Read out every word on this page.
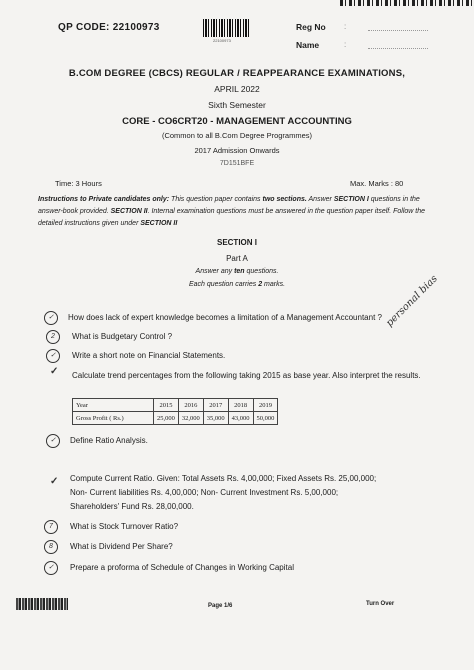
QP CODE: 22100973
22100973
Reg No :
Name	:
B.COM DEGREE (CBCS) REGULAR / REAPPEARANCE EXAMINATIONS,
APRIL 2022
Sixth Semester
CORE - CO6CRT20 - MANAGEMENT ACCOUNTING
(Common to all B.Com Degree Programmes)
2017 Admission Onwards
7D151BFE
Time: 3 Hours	Max. Marks : 80
Instructions to Private candidates only: This question paper contains two sections. Answer SECTION I questions in the answer-book provided. SECTION II. Internal examination questions must be answered in the question paper itself. Follow the detailed instructions given under SECTION II
SECTION I
Part A
Answer any ten questions.
Each question carries 2 marks.	personal bias
✓	How does lack of expert knowledge becomes a limitation of a Management Accountant ?
2	What is Budgetary Control ?
✓	Write a short note on Financial Statements.
✓ Calculate trend percentages from the following taking 2015 as base year. Also interpret the results.
Year	2015	2016	2017	2018	2019
Gross Profit ( Rs.)	25,000	32,000	35,000	43,000	50,000
✓	Define Ratio Analysis.
✓ Compute Current Ratio. Given: Total Assets Rs. 4,00,000; Fixed Assets Rs. 25,00,000;
Non- Current liabilities Rs. 4,00,000; Non- Current Investment Rs. 5,00,000;
Shareholders' Fund Rs. 28,00,000.
7	What is Stock Turnover Ratio?
8	What is Dividend Per Share?
✓	Prepare a proforma of Schedule of Changes in Working Capital
Page 1/6	Turn Over
